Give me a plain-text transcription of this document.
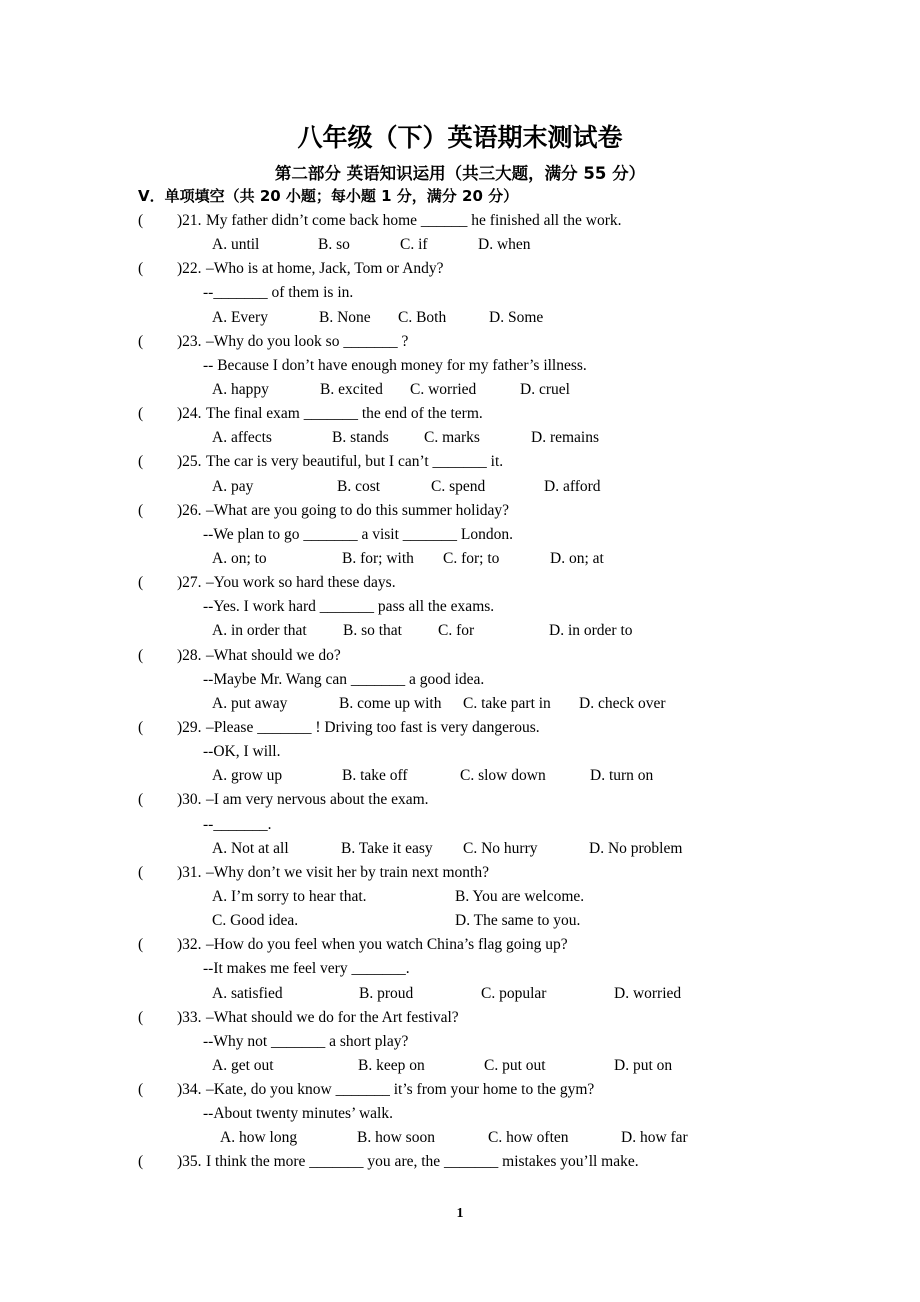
八年级（下）英语期末测试卷
第二部分 英语知识运用（共三大题，满分 55 分）
V．单项填空（共 20 小题；每小题 1 分，满分 20 分）
( )21. My father didn’t come back home ______ he finished all the work.
A. until	B. so	C. if	D. when
( )22. –Who is at home, Jack, Tom or Andy?
--_______ of them is in.
A. Every	B. None C. Both	D. Some
( )23. –Why do you look so _______ ?
-- Because I don’t have enough money for my father’s illness.
A. happy	B. excited C. worried	D. cruel
( )24. The final exam _______ the end of the term.
A. affects	B. stands C. marks	D. remains
( )25. The car is very beautiful, but I can’t _______ it.
A. pay	B. cost	C. spend	D. afford
( )26. –What are you going to do this summer holiday?
--We plan to go _______ a visit _______ London.
A. on; to	B. for; with C. for; to	D. on; at
( )27. –You work so hard these days.
--Yes. I work hard _______ pass all the exams.
A. in order that B. so that C. for	D. in order to
( )28. –What should we do?
--Maybe Mr. Wang can _______ a good idea.
A. put away	B. come up with C. take part in D. check over
( )29. –Please _______ ! Driving too fast is very dangerous.
--OK, I will.
A. grow up	B. take off	C. slow down	D. turn on
( )30. –I am very nervous about the exam.
--_______.
A. Not at all	B. Take it easy C. No hurry	D. No problem
( )31. –Why don’t we visit her by train next month?
A. I’m sorry to hear that.	B. You are welcome.
C. Good idea.	D. The same to you.
( )32. –How do you feel when you watch China’s flag going up?
--It makes me feel very _______.
A. satisfied	B. proud	C. popular	D. worried
( )33. –What should we do for the Art festival?
--Why not _______ a short play?
A. get out	B. keep on	C. put out	D. put on
( )34. –Kate, do you know _______ it’s from your home to the gym?
--About twenty minutes’ walk.
A. how long	B. how soon	C. how often	D. how far
( )35. I think the more _______ you are, the _______ mistakes you’ll make.
1
